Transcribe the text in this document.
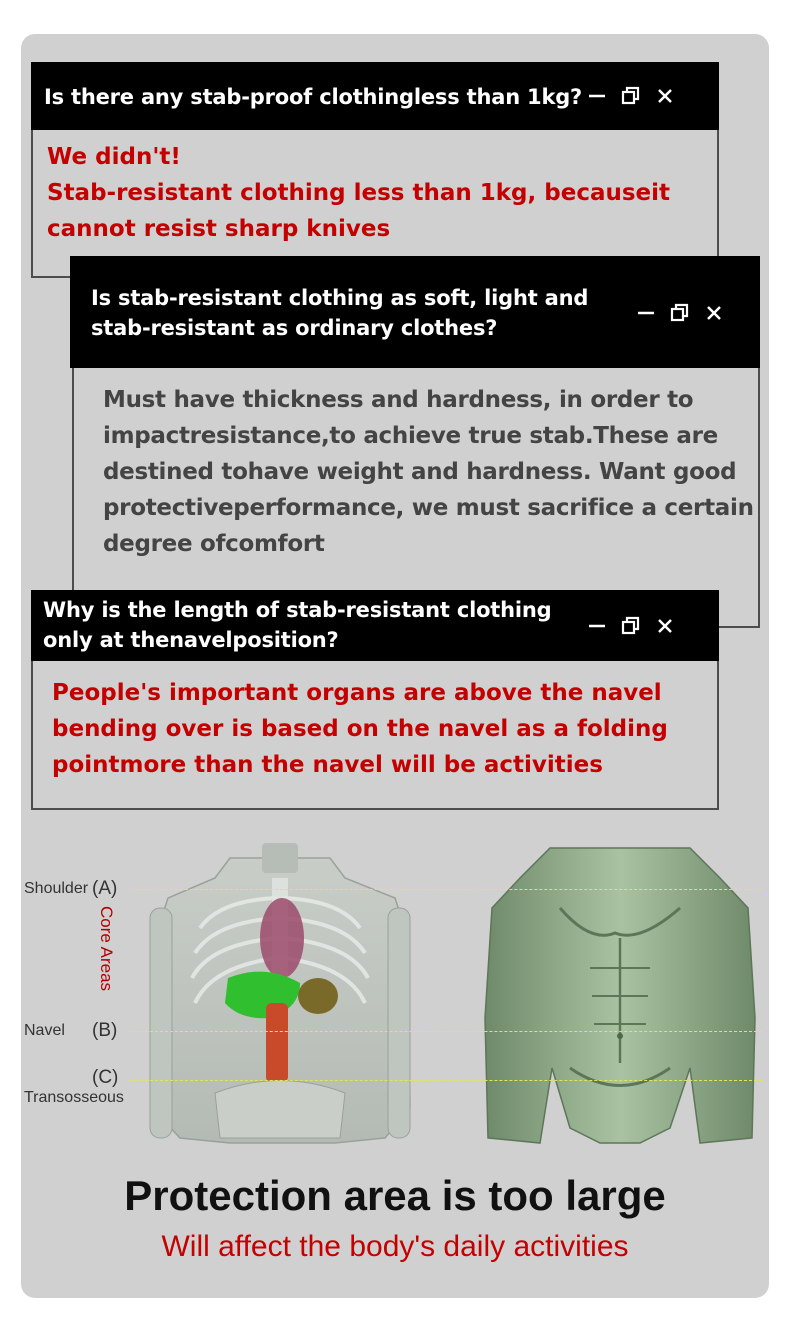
Is there any stab-proof clothingless than 1kg?
We didn't!
Stab-resistant clothing less than 1kg, becauseit
cannot resist sharp knives
Is stab-resistant clothing as soft, light and
stab-resistant as ordinary clothes?
Must have thickness and hardness, in order to
impactresistance,to achieve true stab.These are
destined tohave weight and hardness. Want good
protectiveperformance, we must sacrifice a certain
degree ofcomfort
Why is the length of stab-resistant clothing
only at thenavelposition?
People's important organs are above the navel
bending over is based on the navel as a folding
pointmore than the navel will be activities
Shoulder (A)
Navel (B)
(C)
Transosseous
Core Areas
Protection area is too large
Will affect the body's daily activities
